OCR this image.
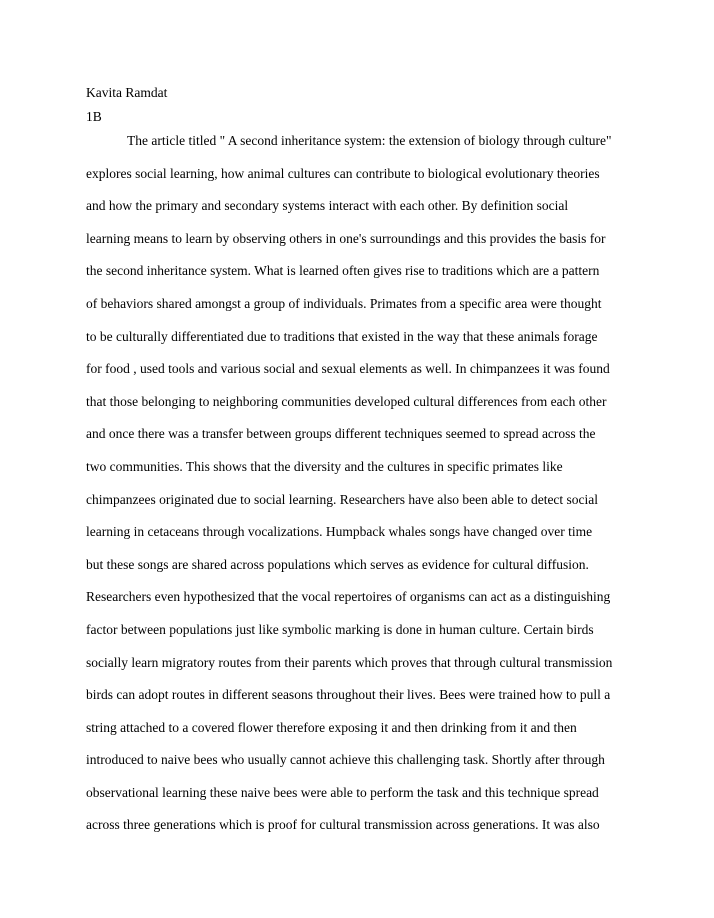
Kavita Ramdat
1B
The article titled " A second inheritance system: the extension of biology through culture"
explores social learning, how animal cultures can contribute to biological evolutionary theories
and how the primary and secondary systems interact with each other. By definition social
learning means to learn by observing others in one's surroundings and this provides the basis for
the second inheritance system. What is learned often gives rise to traditions which are a pattern
of behaviors shared amongst a group of individuals. Primates from a specific area were thought
to be culturally differentiated due to traditions that existed in the way that these animals forage
for food , used tools and various social and sexual elements as well. In chimpanzees it was found
that those belonging to neighboring communities developed cultural differences from each other
and once there was a transfer between groups different techniques seemed to spread across the
two communities. This shows that the diversity and the cultures in specific primates like
chimpanzees originated due to social learning. Researchers have also been able to detect social
learning in cetaceans through vocalizations. Humpback whales songs have changed over time
but these songs are shared across populations which serves as evidence for cultural diffusion.
Researchers even hypothesized that the vocal repertoires of organisms can act as a distinguishing
factor between populations just like symbolic marking is done in human culture. Certain birds
socially learn migratory routes from their parents which proves that through cultural transmission
birds can adopt routes in different seasons throughout their lives. Bees were trained how to pull a
string attached to a covered flower therefore exposing it and then drinking from it and then
introduced to naive bees who usually cannot achieve this challenging task. Shortly after through
observational learning these naive bees were able to perform the task and this technique spread
across three generations which is proof for cultural transmission across generations. It was also
